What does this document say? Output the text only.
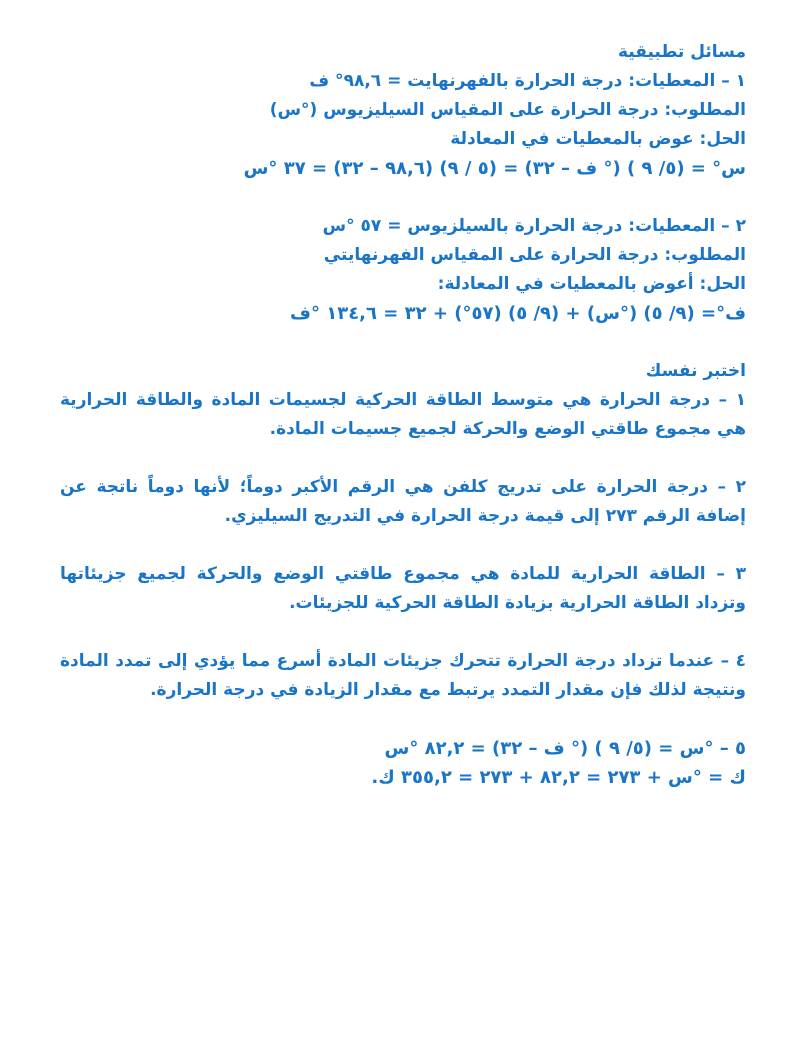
مسائل تطبيقية
١ – المعطيات: درجة الحرارة بالفهرنهايت = ٩٨,٦° ف
المطلوب: درجة الحرارة على المقياس السيليزيوس (°س)
الحل: عوض بالمعطيات في المعادلة
س° = (٥/ ٩ ) (° ف – ٣٢) = (٥ / ٩) (٩٨,٦ – ٣٢) = ٣٧ °س
٢ – المعطيات: درجة الحرارة بالسيلزيوس = ٥٧ °س
المطلوب: درجة الحرارة على المقياس الفهرنهايتي
الحل: أعوض بالمعطيات في المعادلة:
ف°= (٩/ ٥) (°س) + (٩/ ٥) (٥٧°) + ٣٢ = ١٣٤,٦ °ف
اختبر نفسك
١ – درجة الحرارة هي متوسط الطاقة الحركية لجسيمات المادة والطاقة الحرارية هي مجموع طاقتي الوضع والحركة لجميع جسيمات المادة.
٢ – درجة الحرارة على تدريج كلفن هي الرقم الأكبر دوماً؛ لأنها دوماً ناتجة عن إضافة الرقم ٢٧٣ إلى قيمة درجة الحرارة في التدريج السيليزي.
٣ – الطاقة الحرارية للمادة هي مجموع طاقتي الوضع والحركة لجميع جزيئاتها وتزداد الطاقة الحرارية بزيادة الطاقة الحركية للجزيئات.
٤ – عندما تزداد درجة الحرارة تتحرك جزيئات المادة أسرع مما يؤدي إلى تمدد المادة ونتيجة لذلك فإن مقدار التمدد يرتبط مع مقدار الزيادة في درجة الحرارة.
٥ – °س = (٥/ ٩ ) (° ف – ٣٢) = ٨٢,٢ °س
ك = °س + ٢٧٣ = ٨٢,٢ + ٢٧٣ = ٣٥٥,٢ ك.
